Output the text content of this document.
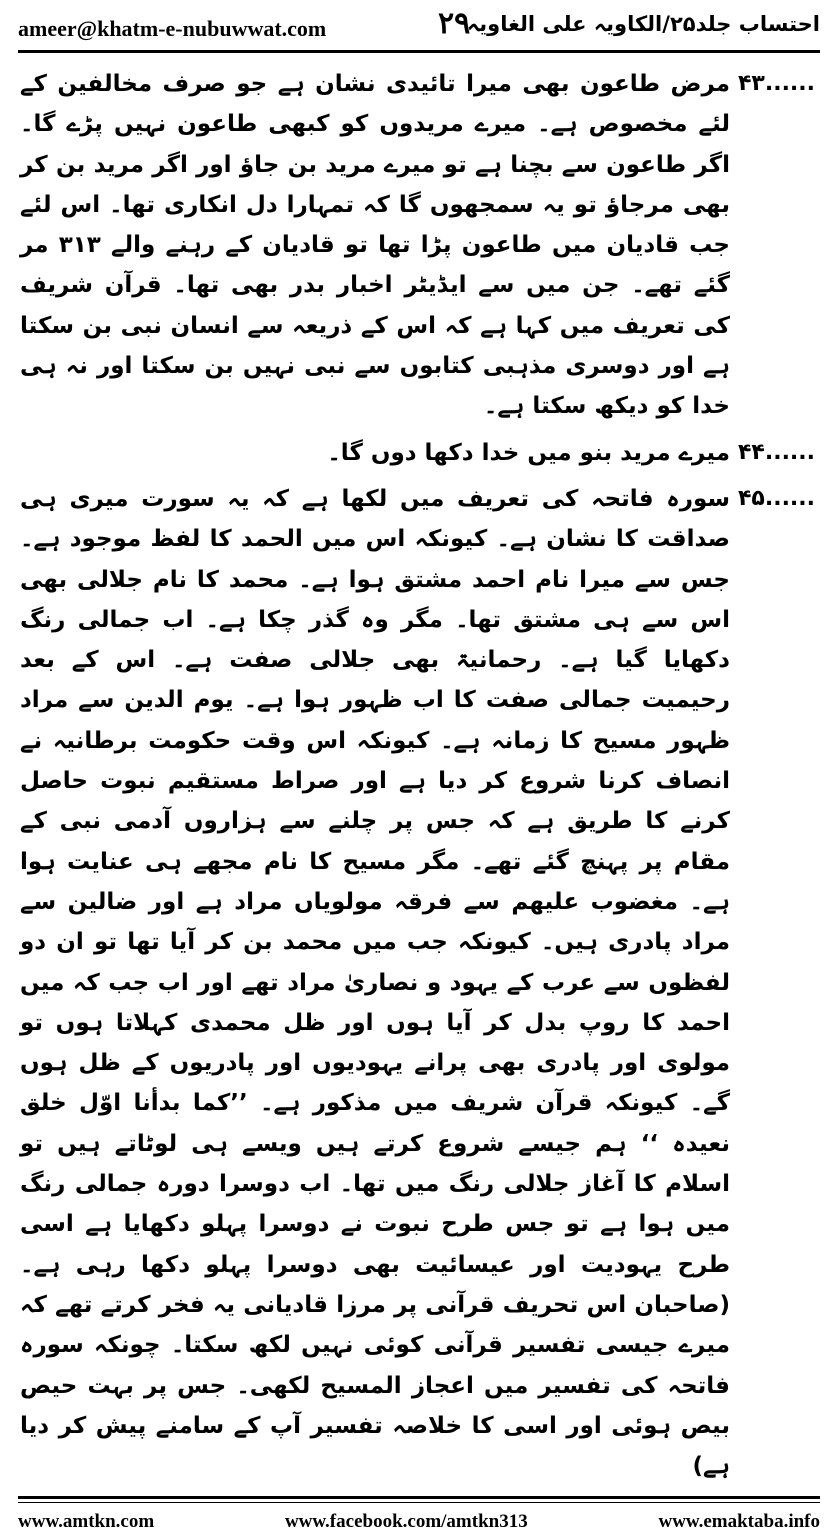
ameer@khatm-e-nubuwwat.com	۲۹
احتساب جلد۲۵/الکاویہ علی الغاویہ
۴۳......

مرض طاعون بھی میرا تائیدی نشان ہے جو صرف مخالفین کے لئے مخصوص ہے۔ میرے مریدوں کو کبھی طاعون نہیں پڑے گا۔ اگر طاعون سے بچنا ہے تو میرے مرید بن جاؤ اور اگر مرید بن کر بھی مرجاؤ تو یہ سمجھوں گا کہ تمہارا دل انکاری تھا۔ اس لئے جب قادیان میں طاعون پڑا تھا تو قادیان کے رہنے والے ۳۱۳ مر گئے تھے۔ جن میں سے ایڈیٹر اخبار بدر بھی تھا۔ قرآن شریف کی تعریف میں کہا ہے کہ اس کے ذریعہ سے انسان نبی بن سکتا ہے اور دوسری مذہبی کتابوں سے نبی نہیں بن سکتا اور نہ ہی خدا کو دیکھ سکتا ہے۔

۴۴......

میرے مرید بنو میں خدا دکھا دوں گا۔

۴۵......

سورہ فاتحہ کی تعریف میں لکھا ہے کہ یہ سورت میری ہی صداقت کا نشان ہے۔ کیونکہ اس میں الحمد کا لفظ موجود ہے۔ جس سے میرا نام احمد مشتق ہوا ہے۔ محمد کا نام جلالی بھی اس سے ہی مشتق تھا۔ مگر وہ گذر چکا ہے۔ اب جمالی رنگ دکھایا گیا ہے۔ رحمانیۃ بھی جلالی صفت ہے۔ اس کے بعد رحیمیت جمالی صفت کا اب ظہور ہوا ہے۔ یوم الدین سے مراد ظہور مسیح کا زمانہ ہے۔ کیونکہ اس وقت حکومت برطانیہ نے انصاف کرنا شروع کر دیا ہے اور صراط مستقیم نبوت حاصل کرنے کا طریق ہے کہ جس پر چلنے سے ہزاروں آدمی نبی کے مقام پر پہنچ گئے تھے۔ مگر مسیح کا نام مجھے ہی عنایت ہوا ہے۔ مغضوب علیھم سے فرقہ مولویاں مراد ہے اور ضالین سے مراد پادری ہیں۔ کیونکہ جب میں محمد بن کر آیا تھا تو ان دو لفظوں سے عرب کے یہود و نصاریٰ مراد تھے اور اب جب کہ میں احمد کا روپ بدل کر آیا ہوں اور ظل محمدی کہلاتا ہوں تو مولوی اور پادری بھی پرانے یہودیوں اور پادریوں کے ظل ہوں گے۔ کیونکہ قرآن شریف میں مذکور ہے۔ ’’کما بدأنا اوّل خلق نعیدہ ‘‘ ہم جیسے شروع کرتے ہیں ویسے ہی لوٹاتے ہیں تو اسلام کا آغاز جلالی رنگ میں تھا۔ اب دوسرا دورہ جمالی رنگ میں ہوا ہے تو جس طرح نبوت نے دوسرا پہلو دکھایا ہے اسی طرح یہودیت اور عیسائیت بھی دوسرا پہلو دکھا رہی ہے۔ (صاحبان اس تحریف قرآنی پر مرزا قادیانی یہ فخر کرتے تھے کہ میرے جیسی تفسیر قرآنی کوئی نہیں لکھ سکتا۔ چونکہ سورہ فاتحہ کی تفسیر میں اعجاز المسیح لکھی۔ جس پر بہت حیص بیص ہوئی اور اسی کا خلاصہ تفسیر آپ کے سامنے پیش کر دیا ہے)

www.amtkn.com	www.facebook.com/amtkn313	www.emaktaba.info
